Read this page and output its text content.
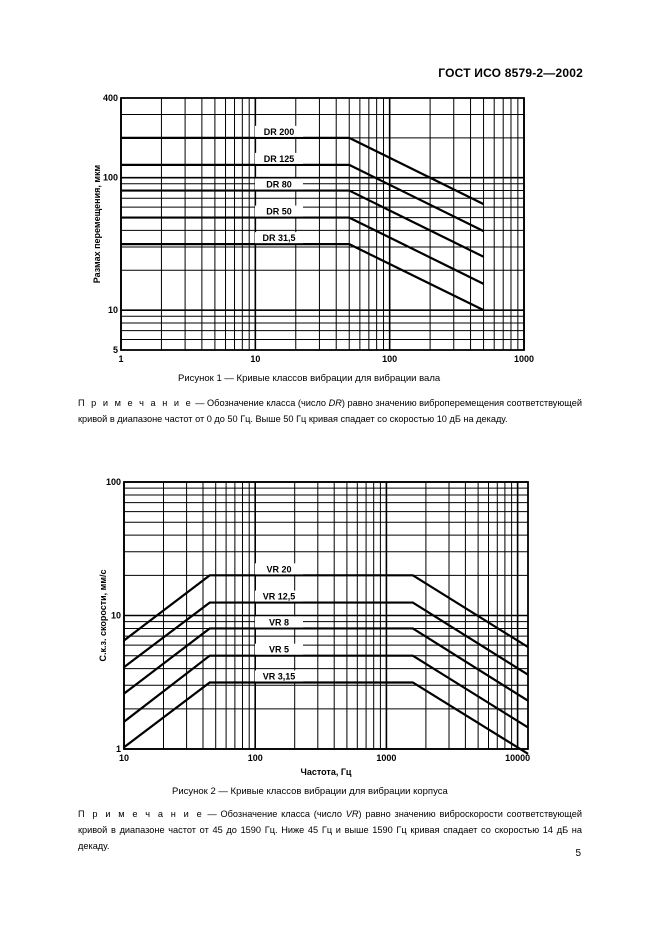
ГОСТ ИСО 8579-2—2002
1	10	100	1000
400
100
10
5
DR 200
DR 125
DR 80
DR 50
DR 31,5
Размах перемещения, мкм
Рисунок 1 — Кривые классов вибрации для вибрации вала
П р и м е ч а н и е — Обозначение класса (число DR) равно значению виброперемещения соответствующей кривой в диапазоне частот от 0 до 50 Гц. Выше 50 Гц кривая спадает со скоростью 10 дБ на декаду.
10	100	1000	10000
100
10
1
VR 20
VR 12,5
VR 8
VR 5
VR 3,15
С.к.з. скорости, мм/с
Частота, Гц
Рисунок 2 — Кривые классов вибрации для вибрации корпуса
П р и м е ч а н и е — Обозначение класса (число VR) равно значению виброскорости соответствующей кривой в диапазоне частот от 45 до 1590 Гц. Ниже 45 Гц и выше 1590 Гц кривая спадает со скоростью 14 дБ на декаду.
5
